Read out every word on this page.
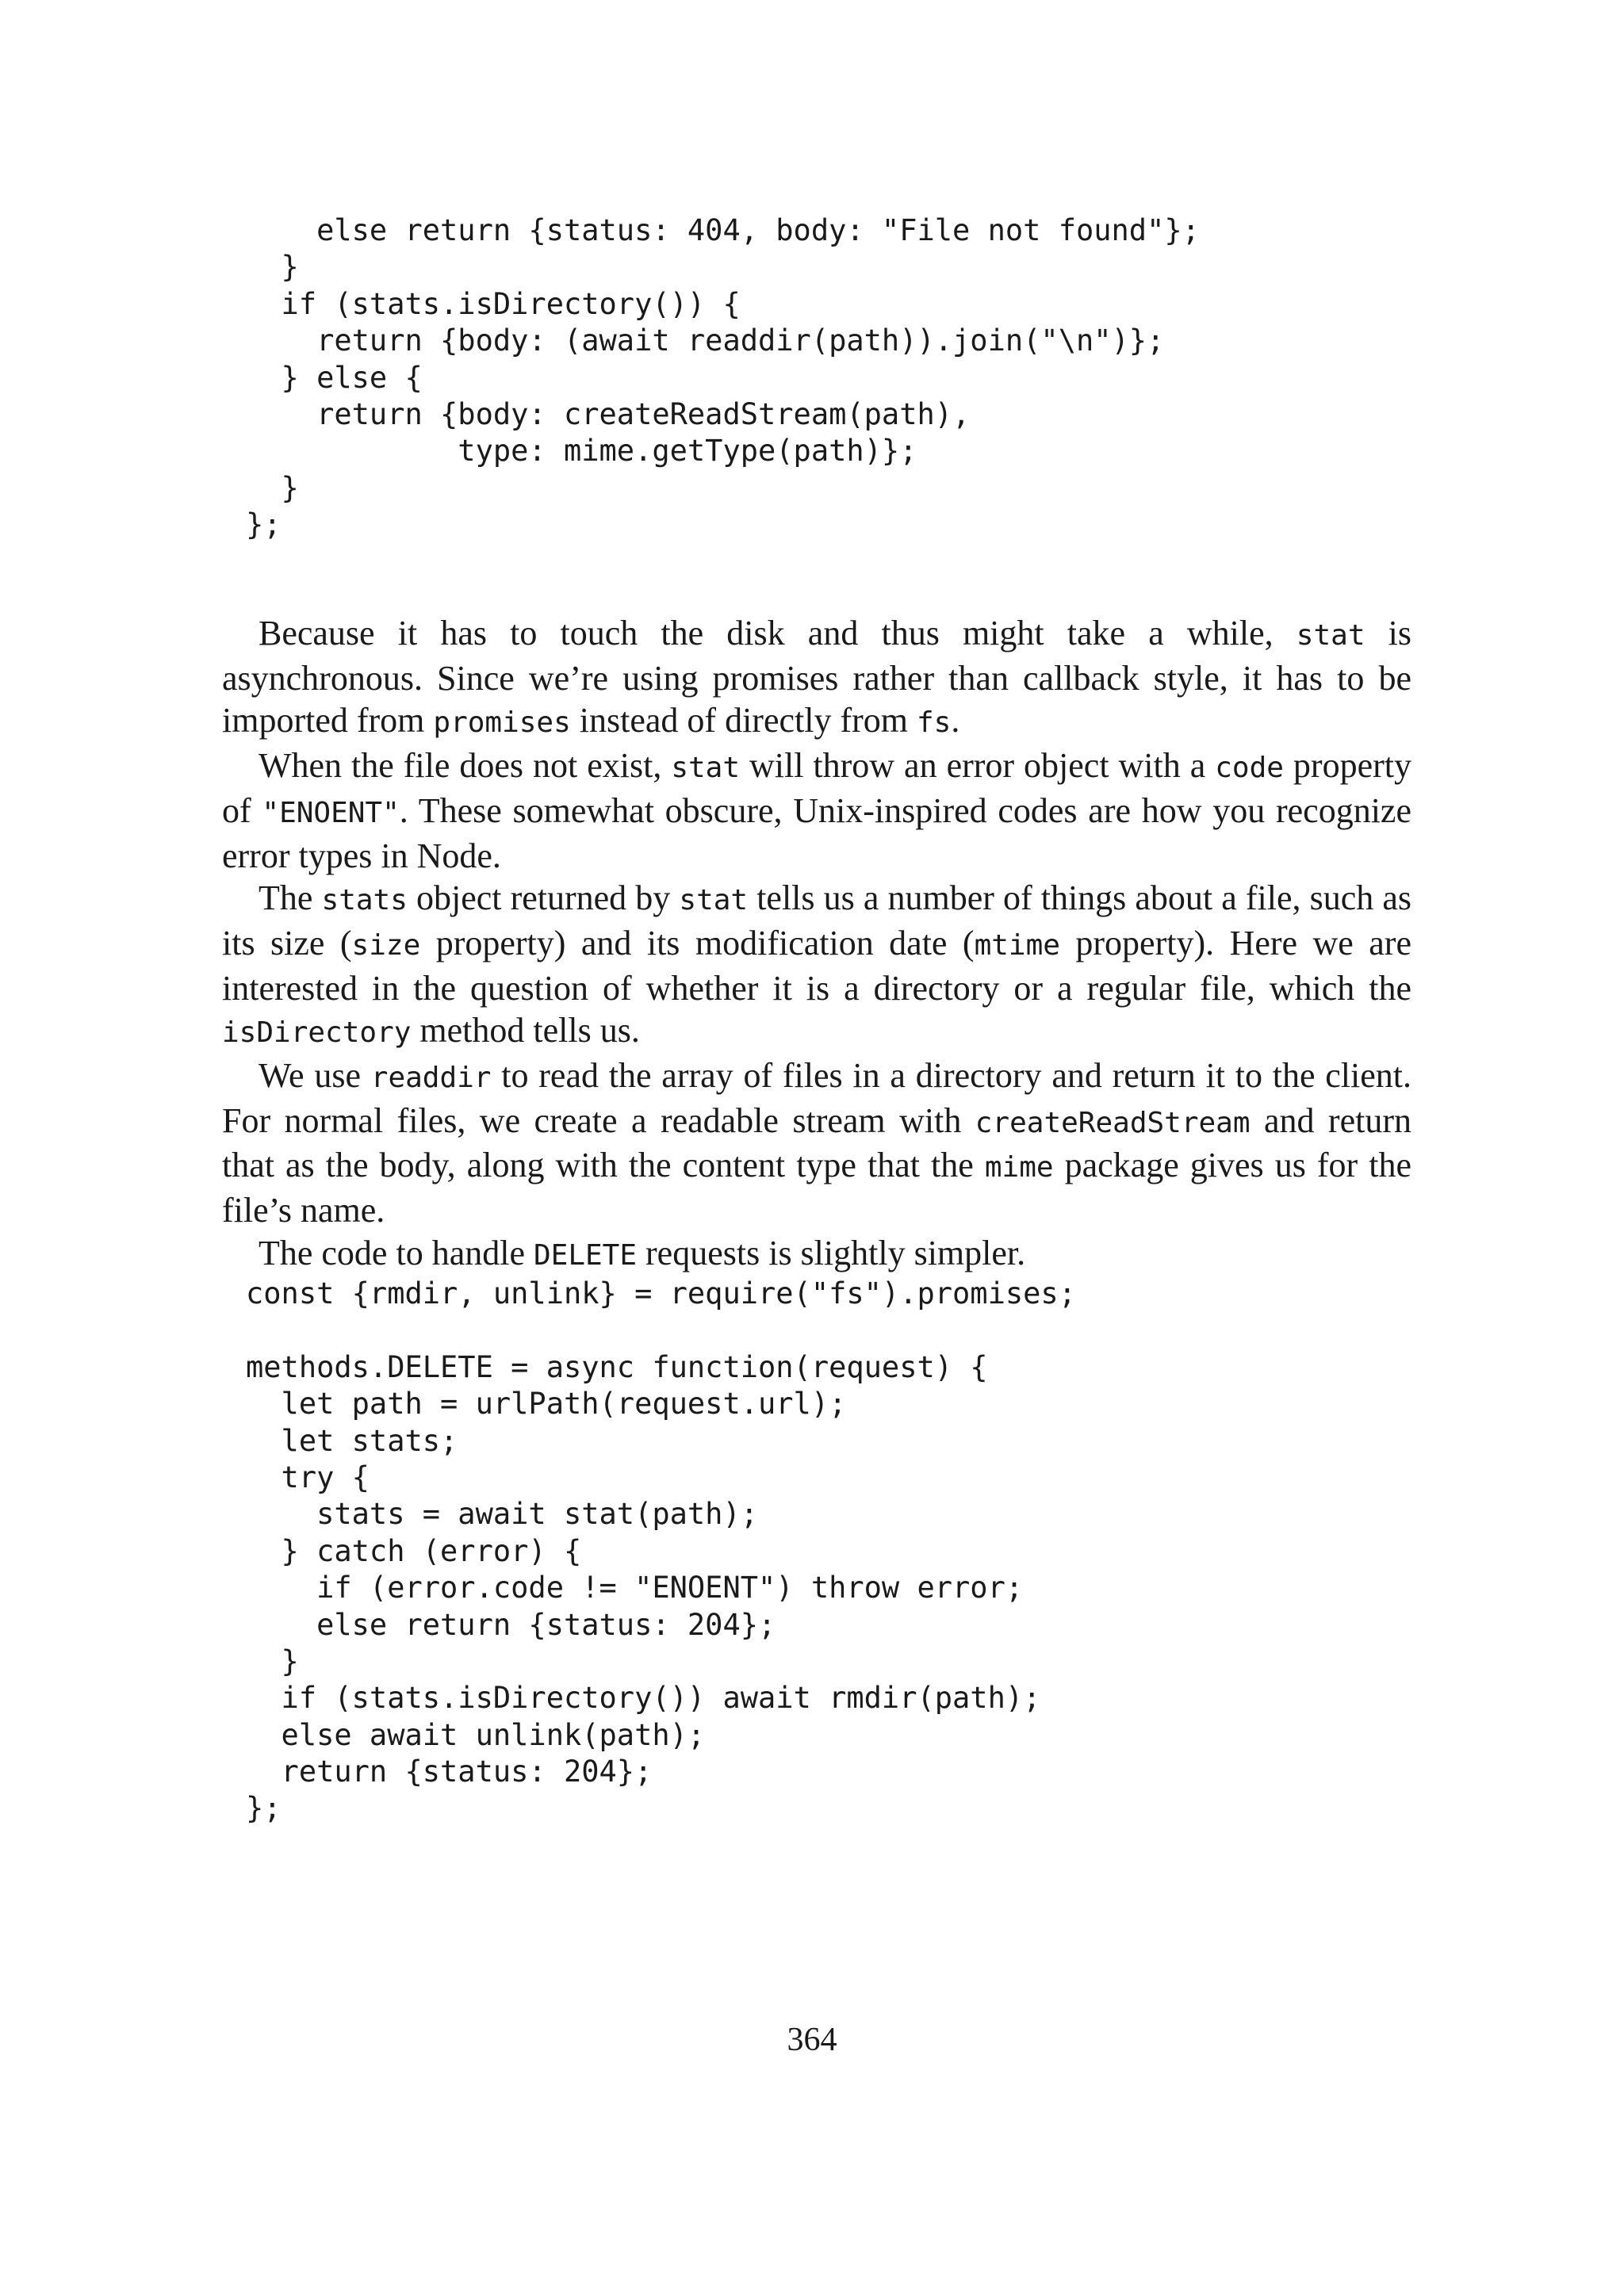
else return {status: 404, body: "File not found"};
}
if (stats.isDirectory()) {
return {body: (await readdir(path)).join("\n")};
} else {
return {body: createReadStream(path),
type: mime.getType(path)};
}
};

Because it has to touch the disk and thus might take a while, stat is asynchronous. Since we’re using promises rather than callback style, it has to be imported from promises instead of directly from fs.

When the file does not exist, stat will throw an error object with a code property of "ENOENT". These somewhat obscure, Unix-inspired codes are how you recognize error types in Node.

The stats object returned by stat tells us a number of things about a file, such as its size (size property) and its modification date (mtime property). Here we are interested in the question of whether it is a directory or a regular file, which the isDirectory method tells us.

We use readdir to read the array of files in a directory and return it to the client. For normal files, we create a readable stream with createReadStream and return that as the body, along with the content type that the mime package gives us for the file’s name.

The code to handle DELETE requests is slightly simpler.

const {rmdir, unlink} = require("fs").promises;
methods.DELETE = async function(request) {
let path = urlPath(request.url);
let stats;
try {
stats = await stat(path);
} catch (error) {
if (error.code != "ENOENT") throw error;
else return {status: 204};
}
if (stats.isDirectory()) await rmdir(path);
else await unlink(path);
return {status: 204};
};
364
